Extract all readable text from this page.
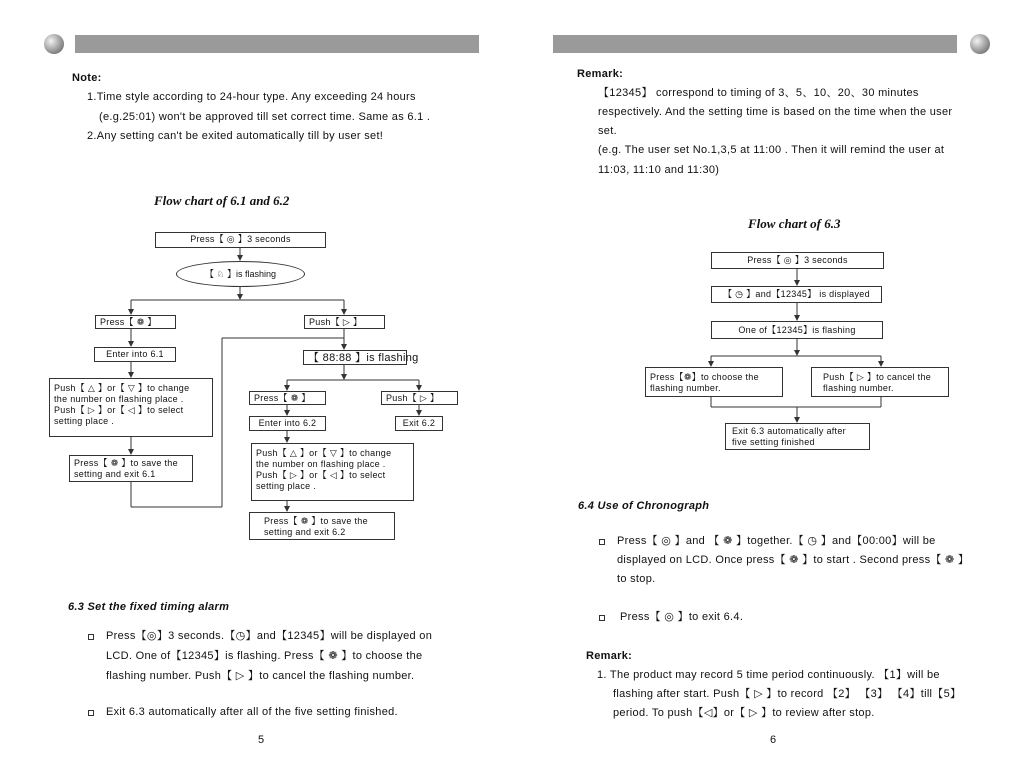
Note:
1.Time style according to 24-hour type. Any exceeding 24 hours
(e.g.25:01) won't be approved till set correct time. Same as 6.1 .
2.Any setting can't be exited automatically till by user set!
Flow chart of 6.1 and 6.2
Press【 ◎ 】3 seconds
【 ♘ 】is flashing
Press【 ❁ 】	Push【 ▷ 】
Enter into 6.1	【 88:88 】is flashing
Push【 △ 】or【 ▽ 】to change
the number on flashing place .
Push【 ▷ 】or【 ◁ 】to select
setting place .
Press【 ❁ 】	Push【 ▷ 】
Enter into 6.2	Exit 6.2
Press【 ❁ 】to save the
setting and exit 6.1
Push【 △ 】or【 ▽ 】to change
the number on flashing place .
Push【 ▷ 】or【 ◁ 】to select
setting place .
Press【 ❁ 】to save the
setting and exit 6.2
6.3 Set the fixed timing alarm
Press【◎】3 seconds.【◷】and【12345】will be displayed on
LCD. One of【12345】is flashing. Press【 ❁ 】to choose the
flashing number. Push【 ▷ 】to cancel the flashing number.
Exit 6.3 automatically after all of the five setting finished.
5
Remark:
【12345】 correspond to timing of 3、5、10、20、30 minutes
respectively. And the setting time is based on the time when the user
set.
(e.g. The user set No.1,3,5 at 11:00 . Then it will remind the user at
11:03, 11:10 and 11:30)
Flow chart of 6.3
Press【 ◎ 】3 seconds
【 ◷ 】and【12345】 is displayed
One of【12345】is flashing
Press【❁】to choose the
flashing number.
Push【 ▷ 】to cancel the
flashing number.
Exit 6.3 automatically after
five setting finished
6.4 Use of Chronograph
Press【 ◎ 】and 【 ❁ 】together.【 ◷ 】and【00:00】will be
displayed on LCD. Once press【 ❁ 】to start . Second press【 ❁ 】
to stop.
Press【 ◎ 】to exit 6.4.
Remark:
1. The product may record 5 time period continuously. 【1】will be
flashing after start. Push【 ▷ 】to record 【2】 【3】 【4】till【5】
period. To push【◁】or【 ▷ 】to review after stop.
6
